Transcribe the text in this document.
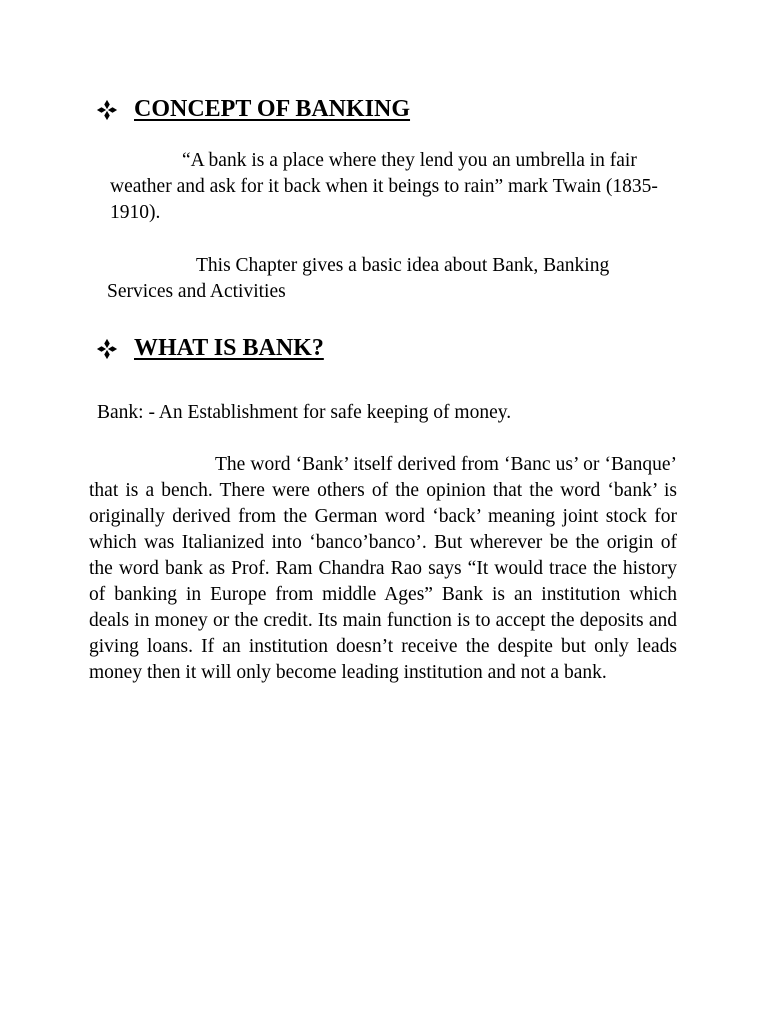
CONCEPT OF BANKING

“A bank is a place where they lend you an umbrella in fair weather and ask for it back when it beings to rain” mark Twain (1835-1910).

This Chapter gives a basic idea about Bank, Banking Services and Activities

WHAT IS BANK?

Bank: - An Establishment for safe keeping of money.

The word ‘Bank’ itself derived from ‘Banc us’ or ‘Banque’ that is a bench. There were others of the opinion that the word ‘bank’ is originally derived from the German word ‘back’ meaning joint stock for which was Italianized into ‘banco’banco’. But wherever be the origin of the word bank as Prof. Ram Chandra Rao says “It would trace the history of banking in Europe from middle Ages” Bank is an institution which deals in money or the credit. Its main function is to accept the deposits and giving loans. If an institution doesn’t receive the despite but only leads money then it will only become leading institution and not a bank.
